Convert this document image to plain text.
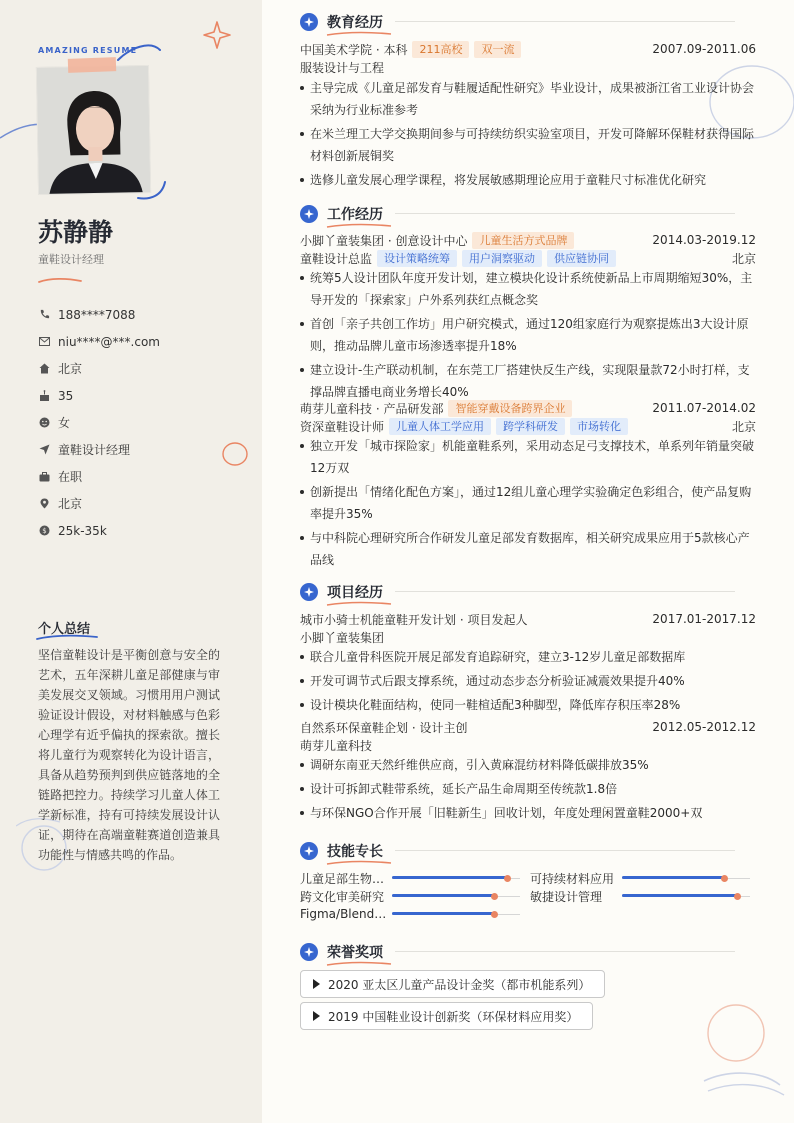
AMAZING RESUME
苏静静
童鞋设计经理
188****7088
niu****@***.com
北京
35
女
童鞋设计经理
在职
北京
$ 25k-35k
个人总结
坚信童鞋设计是平衡创意与安全的艺术，五年深耕儿童足部健康与审美发展交叉领域。习惯用用户测试验证设计假设，对材料触感与色彩心理学有近乎偏执的探索欲。擅长将儿童行为观察转化为设计语言，具备从趋势预判到供应链落地的全链路把控力。持续学习儿童人体工学新标准，持有可持续发展设计认证，期待在高端童鞋赛道创造兼具功能性与情感共鸣的作品。
教育经历
中国美术学院 · 本科	211高校	双一流	2007.09-2011.06
服装设计与工程
主导完成《儿童足部发育与鞋履适配性研究》毕业设计，成果被浙江省工业设计协会采纳为行业标准参考
在米兰理工大学交换期间参与可持续纺织实验室项目，开发可降解环保鞋材获得国际材料创新展铜奖
选修儿童发展心理学课程，将发展敏感期理论应用于童鞋尺寸标准优化研究
工作经历
小脚丫童装集团 · 创意设计中心	儿童生活方式品牌	2014.03-2019.12
童鞋设计总监	设计策略统筹	用户洞察驱动	供应链协同	北京
统筹5人设计团队年度开发计划，建立模块化设计系统使新品上市周期缩短30%，主导开发的「探索家」户外系列获红点概念奖
首创「亲子共创工作坊」用户研究模式，通过120组家庭行为观察提炼出3大设计原则，推动品牌儿童市场渗透率提升18%
建立设计-生产联动机制，在东莞工厂搭建快反生产线，实现限量款72小时打样，支撑品牌直播电商业务增长40%
萌芽儿童科技 · 产品研发部	智能穿戴设备跨界企业	2011.07-2014.02
资深童鞋设计师	儿童人体工学应用	跨学科研发	市场转化	北京
独立开发「城市探险家」机能童鞋系列，采用动态足弓支撑技术，单系列年销量突破12万双
创新提出「情绪化配色方案」，通过12组儿童心理学实验确定色彩组合，使产品复购率提升35%
与中科院心理研究所合作研发儿童足部发育数据库，相关研究成果应用于5款核心产品线
项目经历
城市小骑士机能童鞋开发计划 · 项目发起人	2017.01-2017.12
小脚丫童装集团
联合儿童骨科医院开展足部发育追踪研究，建立3-12岁儿童足部数据库
开发可调节式后跟支撑系统，通过动态步态分析验证减震效果提升40%
设计模块化鞋面结构，使同一鞋楦适配3种脚型，降低库存积压率28%
自然系环保童鞋企划 · 设计主创	2012.05-2012.12
萌芽儿童科技
调研东南亚天然纤维供应商，引入黄麻混纺材料降低碳排放35%
设计可拆卸式鞋带系统，延长产品生命周期至传统款1.8倍
与环保NGO合作开展「旧鞋新生」回收计划，年度处理闲置童鞋2000+双
技能专长
儿童足部生物…	可持续材料应用
跨文化审美研究	敏捷设计管理
Figma/Blend…
荣誉奖项
2020 亚太区儿童产品设计金奖（都市机能系列）
2019 中国鞋业设计创新奖（环保材料应用奖）
